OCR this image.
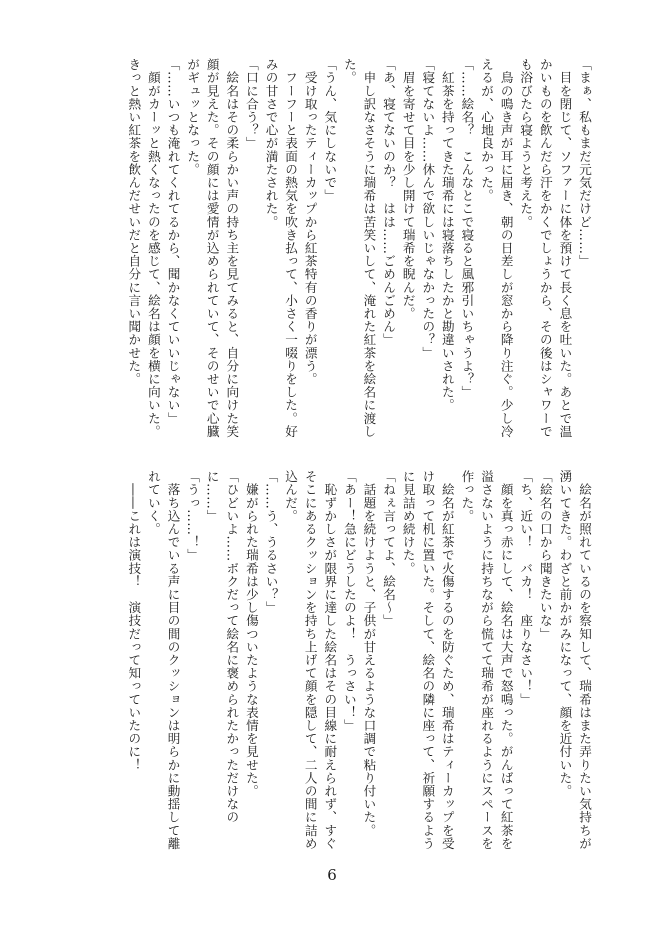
「まぁ、私もまだ元気だけど……」

　目を閉じて、ソファーに体を預けて長く息を吐いた。あとで温かいものを飲んだら汗をかくでしょうから、その後はシャワーでも浴びたら寝ようと考えた。

　鳥の鳴き声が耳に届き、朝の日差しが窓から降り注ぐ。少し冷えるが、心地良かった。

「……絵名？　こんなとこで寝ると風邪引いちゃうよ？」

　紅茶を持ってきた瑞希には寝落ちしたかと勘違いされた。

「寝てないよ……休んで欲しいじゃなかったの？」

　眉を寄せて目を少し開けて瑞希を睨んだ。

「あ、寝てないのか？　はは……ごめんごめん」

　申し訳なさそうに瑞希は苦笑いして、淹れた紅茶を絵名に渡した。

「うん、気にしないで」

　受け取ったティーカップから紅茶特有の香りが漂う。

　フーフーと表面の熱気を吹き払って、小さく一啜りをした。好みの甘さで心が満たされた。

「口に合う？」

　絵名はその柔らかい声の持ち主を見てみると、自分に向けた笑顔が見えた。その顔には愛情が込められていて、そのせいで心臓がギュッとなった。

「……いつも淹れてくれてるから、聞かなくていいじゃない」

　顔がカーッと熱くなったのを感じて、絵名は顔を横に向いた。きっと熱い紅茶を飲んだせいだと自分に言い聞かせた。

　絵名が照れているのを察知して、瑞希はまた弄りたい気持ちが湧いてきた。わざと前かがみになって、顔を近付いた。

「絵名の口から聞きたいな」

「ち、近い！　バカ！　座りなさい！」

　顔を真っ赤にして、絵名は大声で怒鳴った。がんばって紅茶を溢さないように持ちながら慌てて瑞希が座れるようにスペースを作った。

　絵名が紅茶で火傷するのを防ぐため、瑞希はティーカップを受け取って机に置いた。そして、絵名の隣に座って、祈願するように見詰め続けた。

「ねぇ言ってよ、絵名〜」

　話題を続けようと、子供が甘えるような口調で粘り付いた。

「あー！急にどうしたのよ！　うっさい！」

　恥ずかしさが限界に達した絵名はその目線に耐えられず、すぐそこにあるクッションを持ち上げて顔を隠して、二人の間に詰め込んだ。

「……う、うるさい？」

　嫌がられた瑞希は少し傷ついたような表情を見せた。

「ひどいよ……ボクだって絵名に褒められたかっただけなのに……」

「うっ……！」

　落ち込んでいる声に目の間のクッションは明らかに動揺して離れていく。

　――これは演技！　演技だって知っていたのに！

6
